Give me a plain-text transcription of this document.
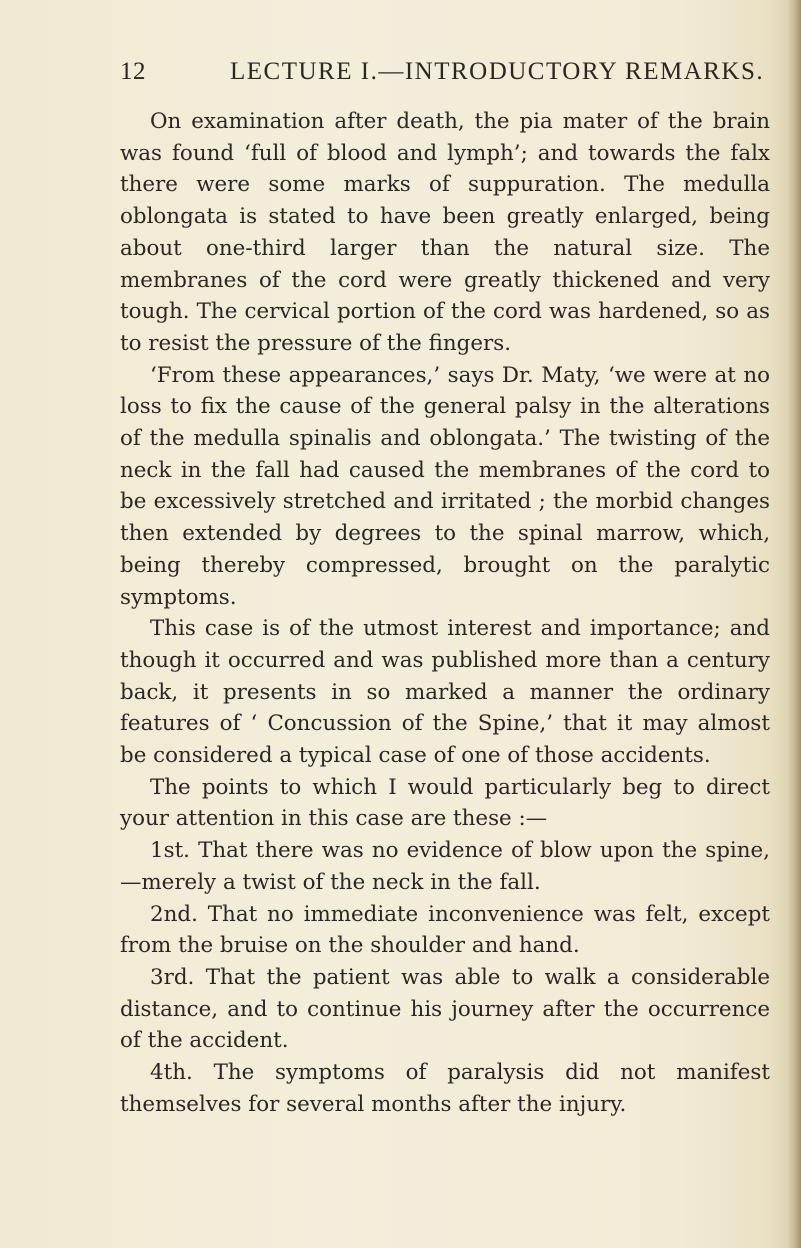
12	LECTURE I.—INTRODUCTORY REMARKS.

On examination after death, the pia mater of the brain was found ‘full of blood and lymph’; and towards the falx there were some marks of suppuration. The medulla oblongata is stated to have been greatly enlarged, being about one-third larger than the natural size. The membranes of the cord were greatly thickened and very tough. The cervical portion of the cord was hardened, so as to resist the pressure of the fingers.

‘From these appearances,’ says Dr. Maty, ‘we were at no loss to fix the cause of the general palsy in the alterations of the medulla spinalis and oblongata.’ The twisting of the neck in the fall had caused the membranes of the cord to be excessively stretched and irritated ; the morbid changes then extended by degrees to the spinal marrow, which, being thereby compressed, brought on the paralytic symptoms.

This case is of the utmost interest and importance; and though it occurred and was published more than a century back, it presents in so marked a manner the ordinary features of ‘ Concussion of the Spine,’ that it may almost be considered a typical case of one of those accidents.

The points to which I would particularly beg to direct your attention in this case are these :—

1st. That there was no evidence of blow upon the spine,—merely a twist of the neck in the fall.

2nd. That no immediate inconvenience was felt, except from the bruise on the shoulder and hand.

3rd. That the patient was able to walk a considerable distance, and to continue his journey after the occurrence of the accident.

4th. The symptoms of paralysis did not manifest themselves for several months after the injury.
